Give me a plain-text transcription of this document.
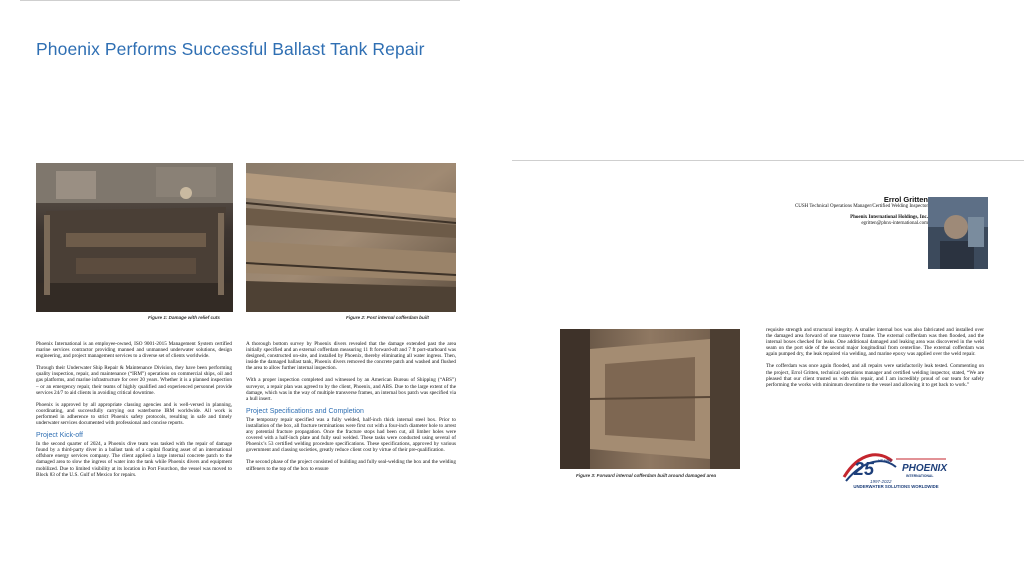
Phoenix Performs Successful Ballast Tank Repair
Figure 1: Damage with relief cuts	Figure 2: Post internal cofferdam built

Phoenix International is an employee-owned, ISO 9001-2015 Management System certified marine services contractor providing manned and unmanned underwater solutions, design engineering, and project management services to a diverse set of clients worldwide.

Through their Underwater Ship Repair & Maintenance Division, they have been performing quality inspection, repair, and maintenance (“IRM”) operations on commercial ships, oil and gas platforms, and marine infrastructure for over 20 years. Whether it is a planned inspection – or an emergency repair, their teams of highly qualified and experienced personnel provide services 24/7 to aid clients in avoiding critical downtime.

Phoenix is approved by all appropriate classing agencies and is well-versed in planning, coordinating, and successfully carrying out waterborne IRM worldwide. All work is performed in adherence to strict Phoenix safety protocols, resulting in safe and timely underwater services documented with professional and concise reports.

Project Kick-off

In the second quarter of 2024, a Phoenix dive team was tasked with the repair of damage found by a third-party diver in a ballast tank of a capital floating asset of an international offshore energy services company. The client applied a large internal concrete patch to the damaged area to slow the ingress of water into the tank while Phoenix divers and equipment mobilized. Due to limited visibility at its location in Port Fourchon, the vessel was moved to Block 83 of the U.S. Gulf of Mexico for repairs.

A thorough bottom survey by Phoenix divers revealed that the damage extended past the area initially specified and an external cofferdam measuring 11 ft forward-aft and 7 ft port-starboard was designed, constructed on-site, and installed by Phoenix, thereby eliminating all water ingress. Then, inside the damaged ballast tank, Phoenix divers removed the concrete patch and washed and flushed the area to allow further internal inspection.

With a proper inspection completed and witnessed by an American Bureau of Shipping (“ABS”) surveyor, a repair plan was agreed to by the client, Phoenix, and ABS. Due to the large extent of the damage, which was in the way of multiple transverse frames, an internal box patch was specified via a hull insert.

Project Specifications and Completion

The temporary repair specified was a fully welded, half-inch thick internal steel box. Prior to installation of the box, all fracture terminations were first cut with a four-inch diameter hole to arrest any potential fracture propagation. Once the fracture stops had been cut, all limber holes were covered with a half-inch plate and fully seal welded. These tasks were conducted using several of Phoenix’s 53 certified welding procedure specifications. These specifications, approved by various government and classing societies, greatly reduce client cost by virtue of their pre-qualification.

The second phase of the project consisted of building and fully seal-welding the box and the welding stiffeners to the top of the box to ensure

Errol Gritten
CUSH Technical Operations Manager/Certified Welding Inspector
Phoenix International Holdings, Inc.
egritten@phnx-international.com
Figure 3: Forward internal cofferdam built around damaged area

requisite strength and structural integrity. A smaller internal box was also fabricated and installed over the damaged area forward of one transverse frame. The external cofferdam was then flooded, and the internal boxes checked for leaks. One additional damaged and leaking area was discovered in the weld seam on the port side of the second major longitudinal from centerline. The external cofferdam was again pumped dry, the leak repaired via welding, and marine epoxy was applied over the weld repair.

The cofferdam was once again flooded, and all repairs were satisfactorily leak tested. Commenting on the project, Errol Gritten, technical operations manager and certified welding inspector, stated, “We are pleased that our client trusted us with this repair, and I am incredibly proud of our team for safely performing the works with minimum downtime to the vessel and allowing it to get back to work.”

25 YEARS
1997-2022
PHOENIX
INTERNATIONAL
UNDERWATER SOLUTIONS WORLDWIDE
